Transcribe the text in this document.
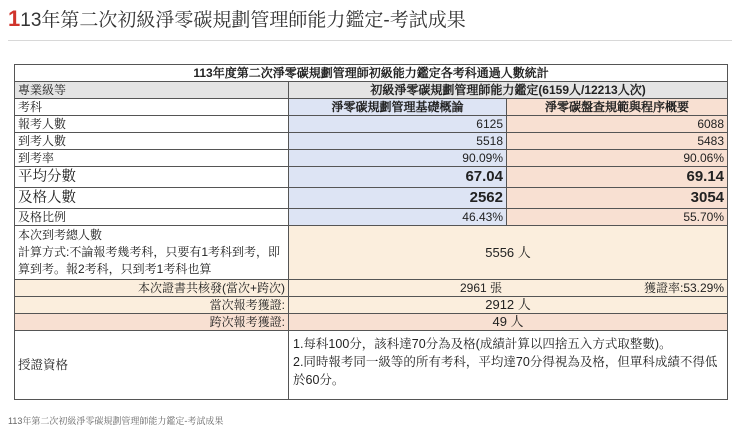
113年第二次初級淨零碳規劃管理師能力鑑定-考試成果
113年度第二次淨零碳規劃管理師初級能力鑑定各考科通過人數統計		
專業級等	初級淨零碳規劃管理師能力鑑定(6159人/12213人次)	
考科	淨零碳規劃管理基礎概論	淨零碳盤查規範與程序概要
報考人數	6125	6088
到考人數	5518	5483
到考率	90.09%	90.06%
平均分數	67.04	69.14
及格人數	2562	3054
及格比例	46.43%	55.70%

本次到考總人數
計算方式:不論報考幾考科，只要有1考科到考，即算到考。報2考科，只到考1考科也算	5556 人	
本次證書共核發(當次+跨次)	2961 張 獲證率:53.29%	

當次報考獲證:	2912 人	
跨次報考獲證:	49 人	
授證資格	1.每科100分，該科達70分為及格(成績計算以四捨五入方式取整數)。
2.同時報考同一級等的所有考科，平均達70分得視為及格，但單科成績不得低於60分。	
113年第二次初級淨零碳規劃管理師能力鑑定-考試成果
